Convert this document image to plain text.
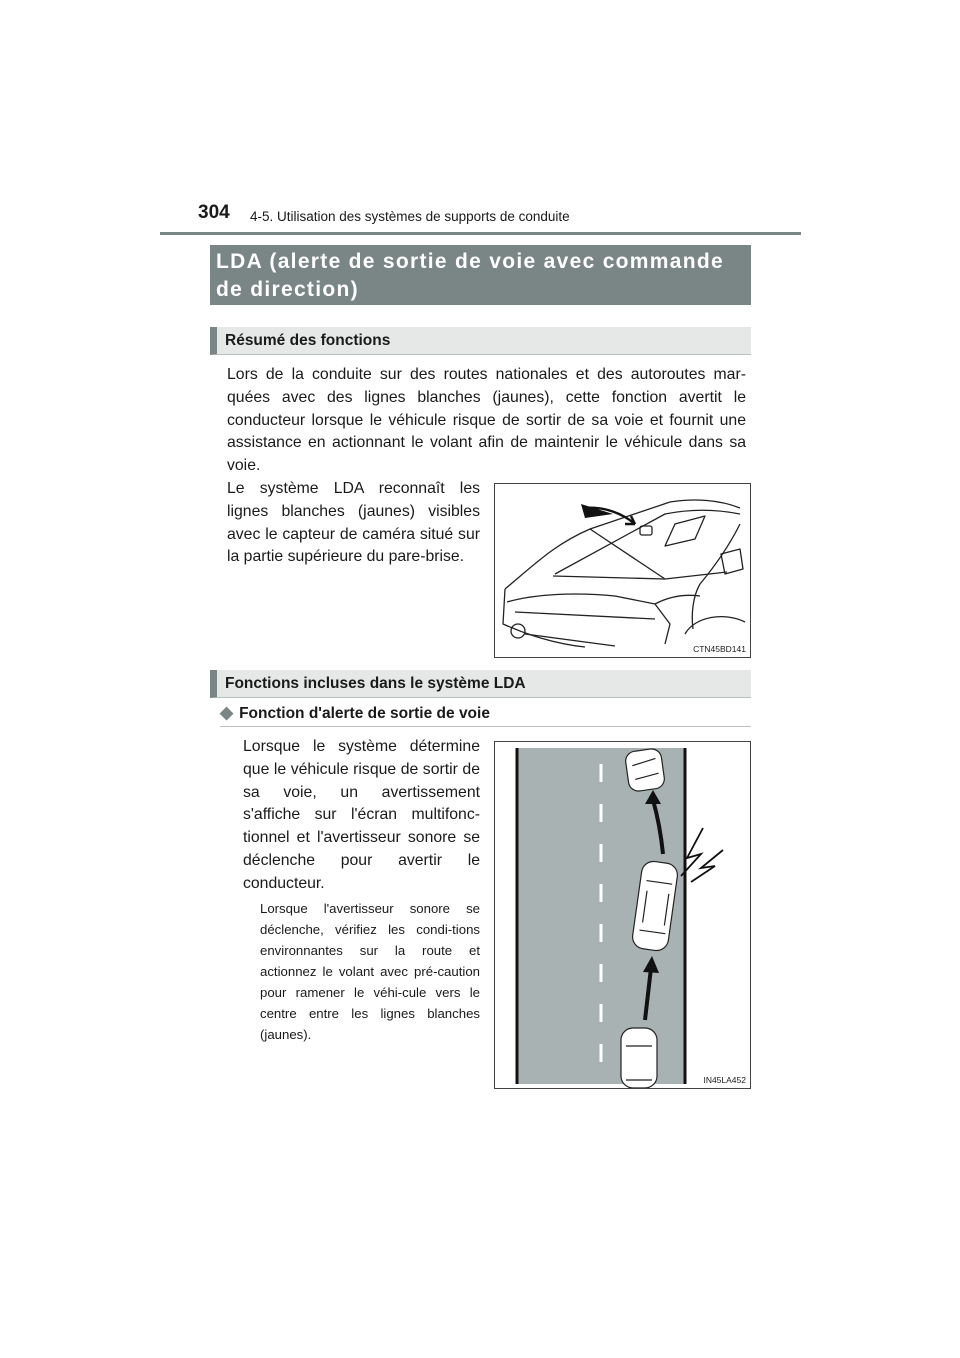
304 4-5. Utilisation des systèmes de supports de conduite
LDA (alerte de sortie de voie avec commande de direction)
Résumé des fonctions

Lors de la conduite sur des routes nationales et des autoroutes mar-quées avec des lignes blanches (jaunes), cette fonction avertit le conducteur lorsque le véhicule risque de sortir de sa voie et fournit une assistance en actionnant le volant afin de maintenir le véhicule dans sa voie.

Le système LDA reconnaît les lignes blanches (jaunes) visibles avec le capteur de caméra situé sur la partie supérieure du pare-brise.

CTN45BD141
Fonctions incluses dans le système LDA
◆ Fonction d'alerte de sortie de voie

Lorsque le système détermine que le véhicule risque de sortir de sa voie, un avertissement s'affiche sur l'écran multifonc-tionnel et l'avertisseur sonore se déclenche pour avertir le conducteur.

Lorsque l'avertisseur sonore se déclenche, vérifiez les condi-tions environnantes sur la route et actionnez le volant avec pré-caution pour ramener le véhi-cule vers le centre entre les lignes blanches (jaunes).

IN45LA452
